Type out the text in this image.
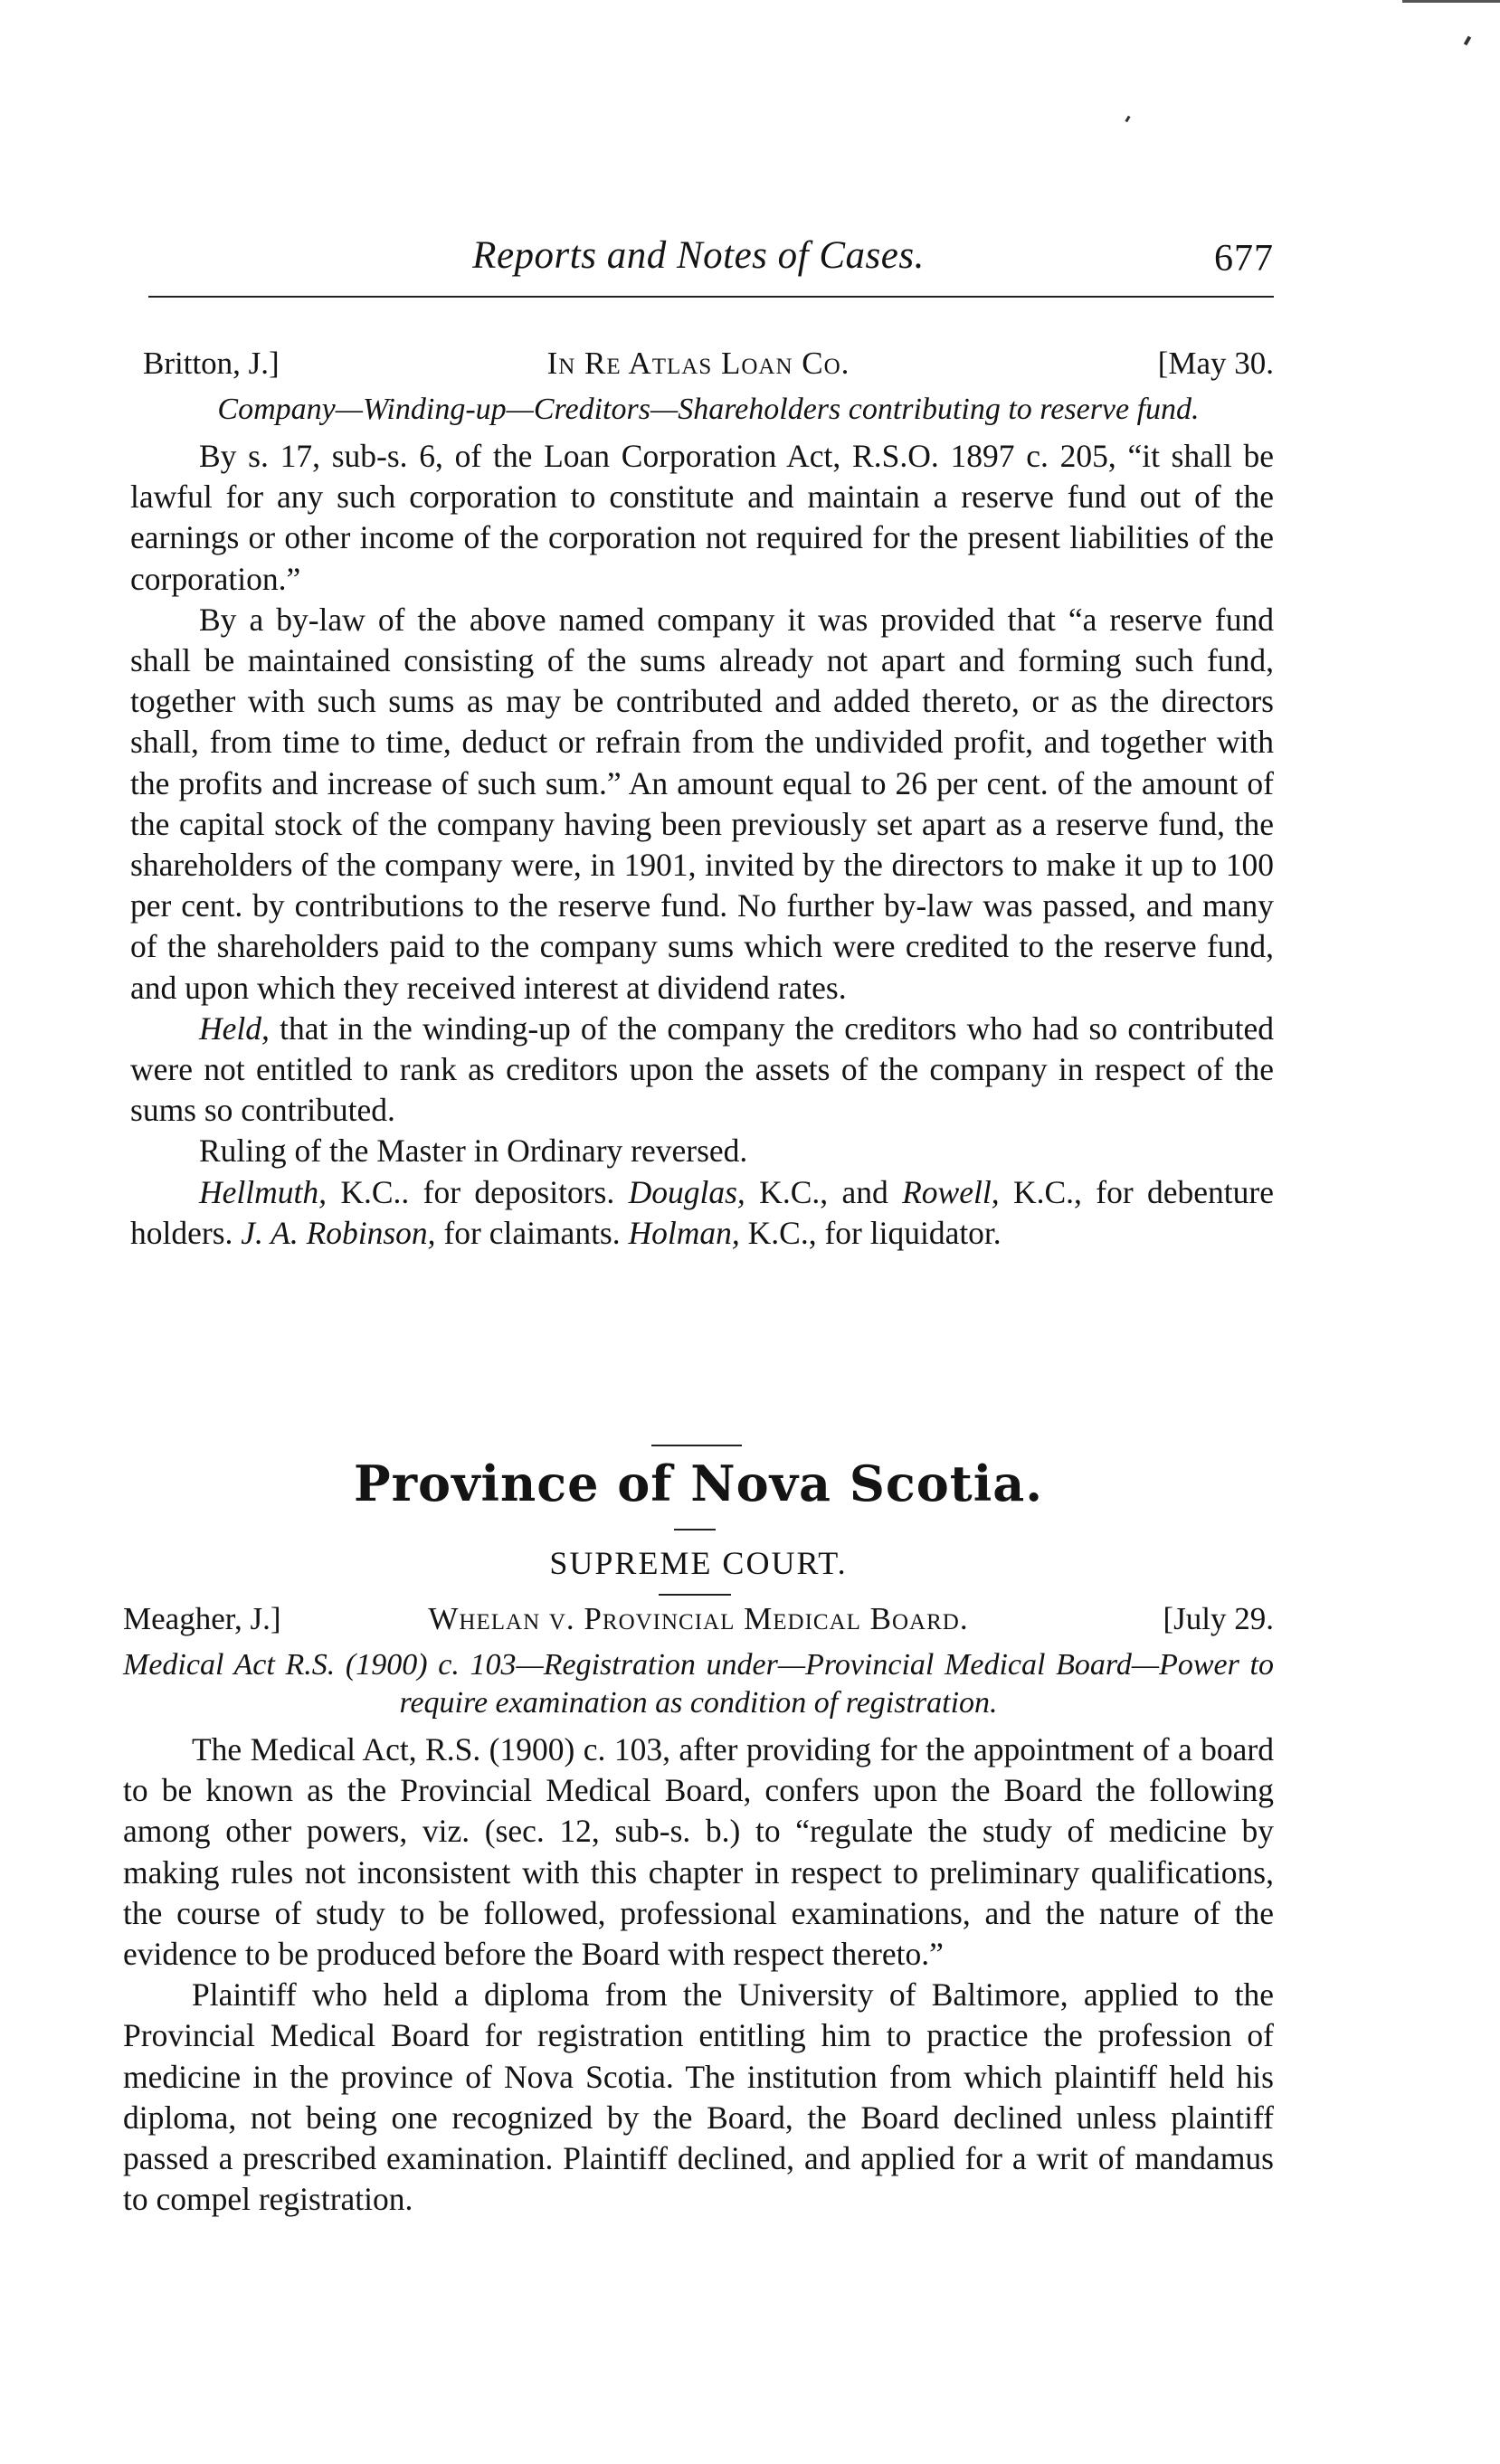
Reports and Notes of Cases.	677
Britton, J.]	In Re Atlas Loan Co.	[May 30.
Company—Winding-up—Creditors—Shareholders contributing to reserve fund.

By s. 17, sub-s. 6, of the Loan Corporation Act, R.S.O. 1897 c. 205, “it shall be lawful for any such corporation to constitute and maintain a reserve fund out of the earnings or other income of the corporation not required for the present liabilities of the corporation.”

By a by-law of the above named company it was provided that “a reserve fund shall be maintained consisting of the sums already not apart and forming such fund, together with such sums as may be contributed and added thereto, or as the directors shall, from time to time, deduct or refrain from the undivided profit, and together with the profits and increase of such sum.” An amount equal to 26 per cent. of the amount of the capital stock of the company having been previously set apart as a reserve fund, the shareholders of the company were, in 1901, invited by the directors to make it up to 100 per cent. by contributions to the reserve fund. No further by-law was passed, and many of the shareholders paid to the company sums which were credited to the reserve fund, and upon which they received interest at dividend rates.

Held, that in the winding-up of the company the creditors who had so contributed were not entitled to rank as creditors upon the assets of the company in respect of the sums so contributed.

Ruling of the Master in Ordinary reversed.

Hellmuth, K.C.. for depositors. Douglas, K.C., and Rowell, K.C., for debenture holders. J. A. Robinson, for claimants. Holman, K.C., for liquidator.

Province of Nova Scotia.
SUPREME COURT.
Meagher, J.]	Whelan v. Provincial Medical Board.	[July 29.
Medical Act R.S. (1900) c. 103—Registration under—Provincial Medical Board—Power to require examination as condition of registration.

The Medical Act, R.S. (1900) c. 103, after providing for the appointment of a board to be known as the Provincial Medical Board, confers upon the Board the following among other powers, viz. (sec. 12, sub-s. b.) to “regulate the study of medicine by making rules not inconsistent with this chapter in respect to preliminary qualifications, the course of study to be followed, professional examinations, and the nature of the evidence to be produced before the Board with respect thereto.”

Plaintiff who held a diploma from the University of Baltimore, applied to the Provincial Medical Board for registration entitling him to practice the profession of medicine in the province of Nova Scotia. The institution from which plaintiff held his diploma, not being one recognized by the Board, the Board declined unless plaintiff passed a prescribed examination. Plaintiff declined, and applied for a writ of mandamus to compel registration.
